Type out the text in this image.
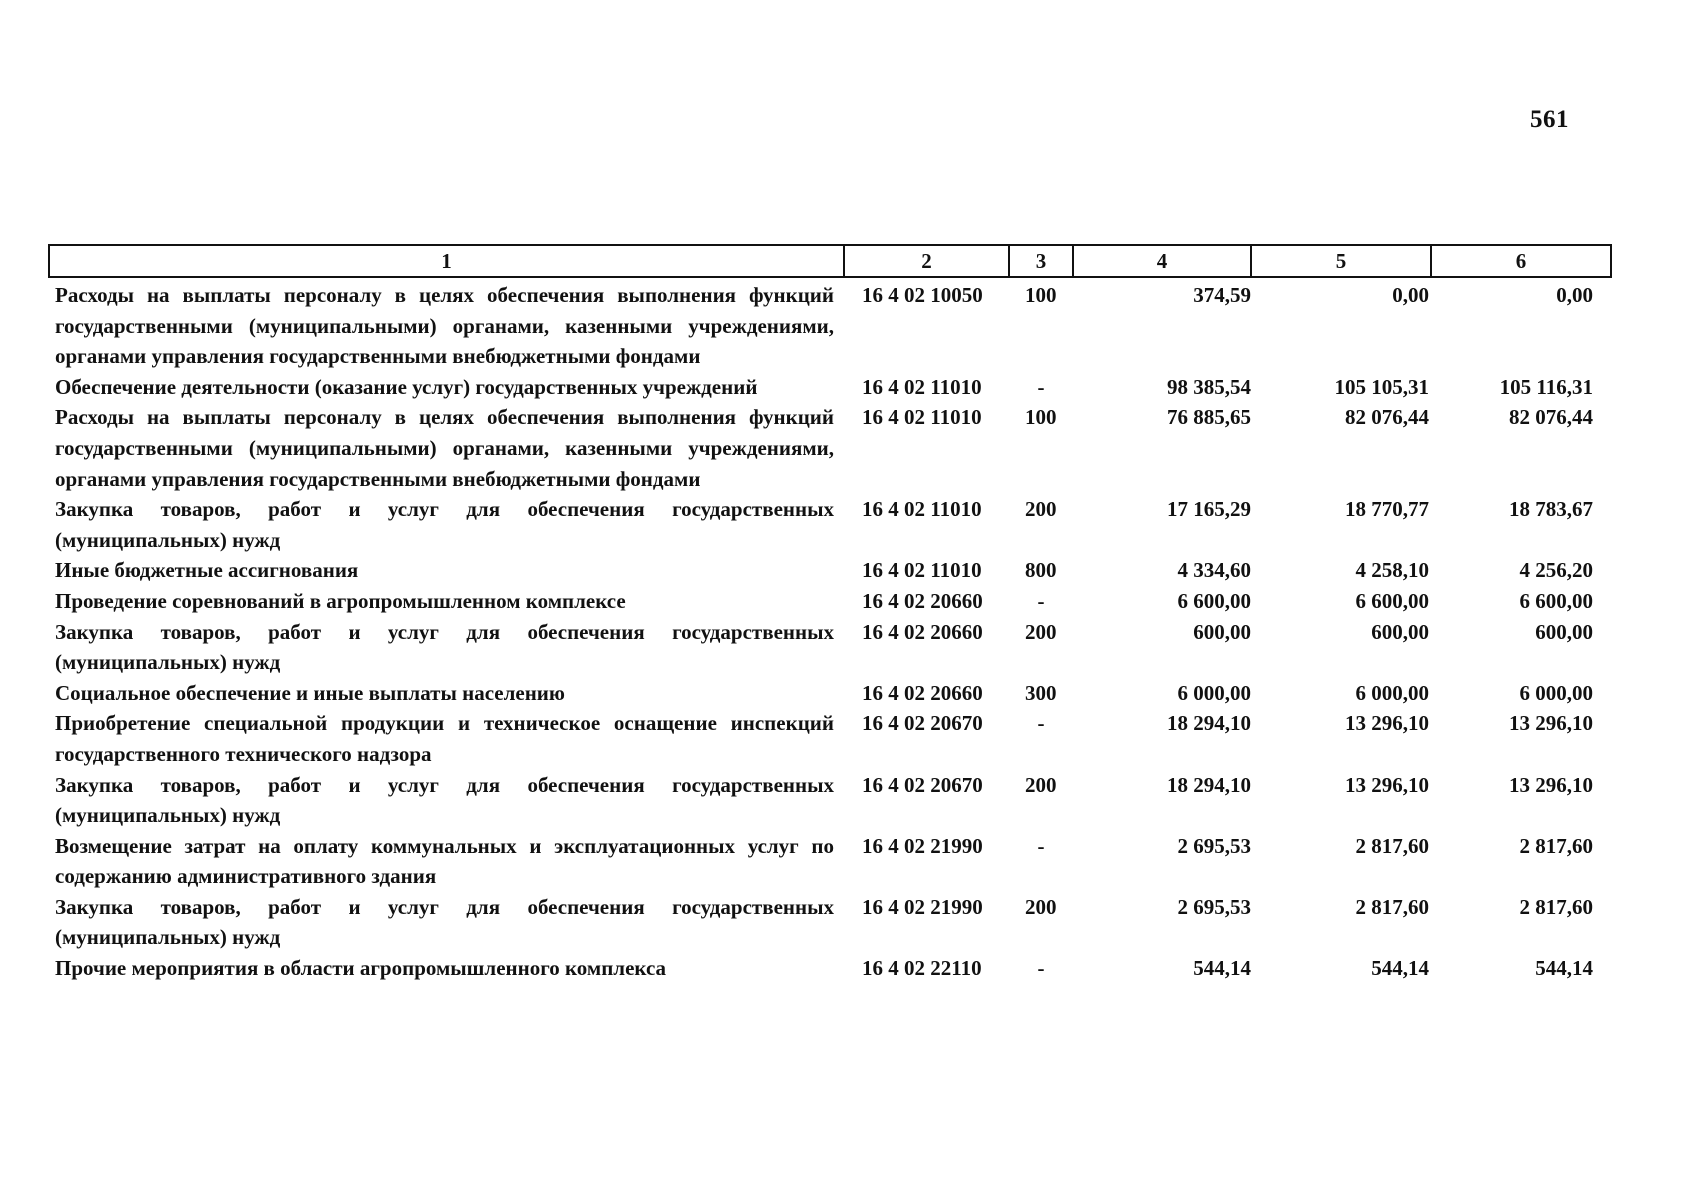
561
1	2	3	4	5	6
Расходы на выплаты персоналу в целях обеспечения выполнения функций государственными (муниципальными) органами, казенными учреждениями, органами управления государственными внебюджетными фондами	16 4 02 10050	100	374,59	0,00	0,00
Обеспечение деятельности (оказание услуг) государственных учреждений	16 4 02 11010	-	98 385,54	105 105,31	105 116,31
Расходы на выплаты персоналу в целях обеспечения выполнения функций государственными (муниципальными) органами, казенными учреждениями, органами управления государственными внебюджетными фондами	16 4 02 11010	100	76 885,65	82 076,44	82 076,44
Закупка товаров, работ и услуг для обеспечения государственных (муниципальных) нужд	16 4 02 11010	200	17 165,29	18 770,77	18 783,67
Иные бюджетные ассигнования	16 4 02 11010	800	4 334,60	4 258,10	4 256,20
Проведение соревнований в агропромышленном комплексе	16 4 02 20660	-	6 600,00	6 600,00	6 600,00
Закупка товаров, работ и услуг для обеспечения государственных (муниципальных) нужд	16 4 02 20660	200	600,00	600,00	600,00
Социальное обеспечение и иные выплаты населению	16 4 02 20660	300	6 000,00	6 000,00	6 000,00
Приобретение специальной продукции и техническое оснащение инспекций государственного технического надзора	16 4 02 20670	-	18 294,10	13 296,10	13 296,10
Закупка товаров, работ и услуг для обеспечения государственных (муниципальных) нужд	16 4 02 20670	200	18 294,10	13 296,10	13 296,10
Возмещение затрат на оплату коммунальных и эксплуатационных услуг по содержанию административного здания	16 4 02 21990	-	2 695,53	2 817,60	2 817,60
Закупка товаров, работ и услуг для обеспечения государственных (муниципальных) нужд	16 4 02 21990	200	2 695,53	2 817,60	2 817,60
Прочие мероприятия в области агропромышленного комплекса	16 4 02 22110	-	544,14	544,14	544,14
